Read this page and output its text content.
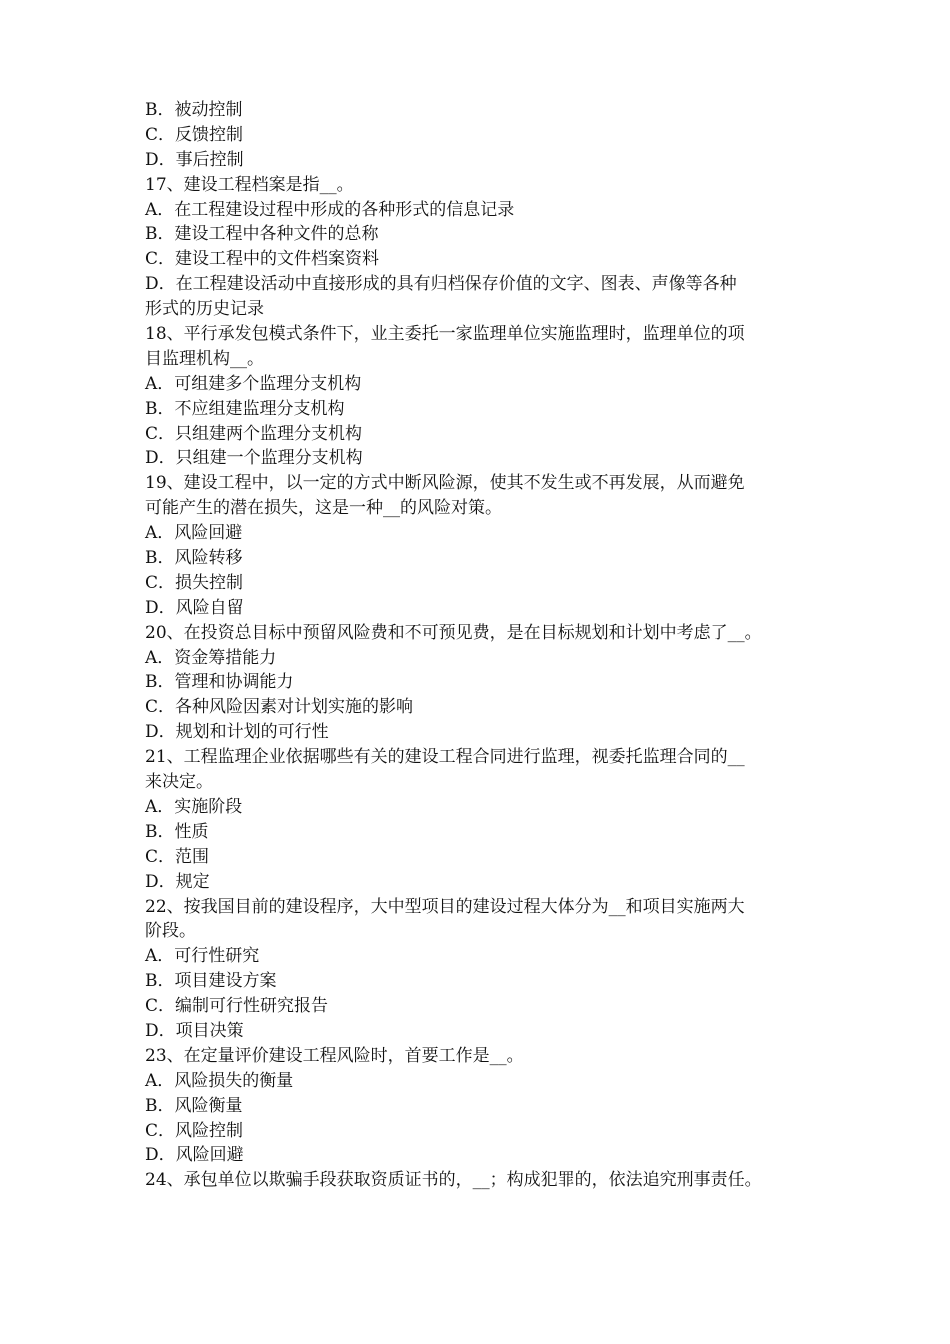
B．被动控制
C．反馈控制
D．事后控制
17、建设工程档案是指__。
A．在工程建设过程中形成的各种形式的信息记录
B．建设工程中各种文件的总称
C．建设工程中的文件档案资料
D．在工程建设活动中直接形成的具有归档保存价值的文字、图表、声像等各种
形式的历史记录
18、平行承发包模式条件下，业主委托一家监理单位实施监理时，监理单位的项
目监理机构__。
A．可组建多个监理分支机构
B．不应组建监理分支机构
C．只组建两个监理分支机构
D．只组建一个监理分支机构
19、建设工程中，以一定的方式中断风险源，使其不发生或不再发展，从而避免
可能产生的潜在损失，这是一种__的风险对策。
A．风险回避
B．风险转移
C．损失控制
D．风险自留
20、在投资总目标中预留风险费和不可预见费，是在目标规划和计划中考虑了__。
A．资金筹措能力
B．管理和协调能力
C．各种风险因素对计划实施的影响
D．规划和计划的可行性
21、工程监理企业依据哪些有关的建设工程合同进行监理，视委托监理合同的__
来决定。
A．实施阶段
B．性质
C．范围
D．规定
22、按我国目前的建设程序，大中型项目的建设过程大体分为__和项目实施两大
阶段。
A．可行性研究
B．项目建设方案
C．编制可行性研究报告
D．项目决策
23、在定量评价建设工程风险时，首要工作是__。
A．风险损失的衡量
B．风险衡量
C．风险控制
D．风险回避
24、承包单位以欺骗手段获取资质证书的，__；构成犯罪的，依法追究刑事责任。
